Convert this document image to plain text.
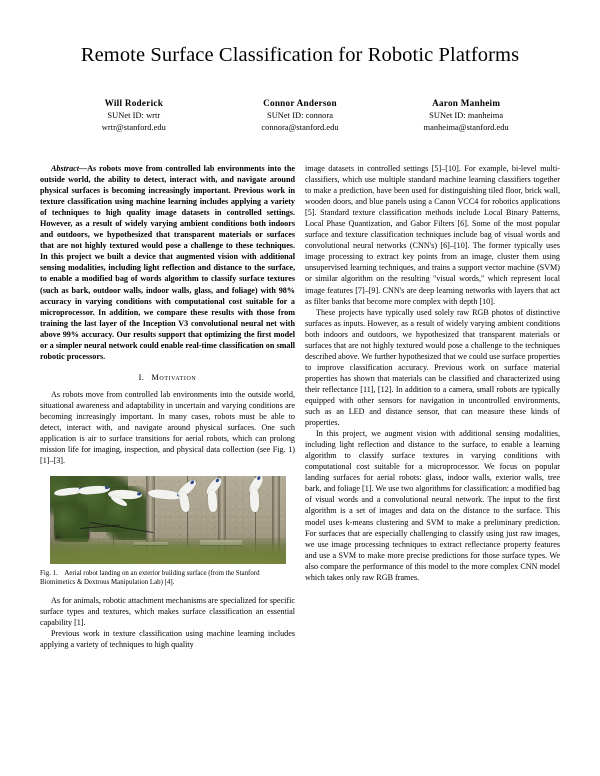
Remote Surface Classification for Robotic Platforms
Will Roderick
SUNet ID: wrtr
wrtr@stanford.edu
Connor Anderson
SUNet ID: connora
connora@stanford.edu
Aaron Manheim
SUNet ID: manheima
manheima@stanford.edu

Abstract—As robots move from controlled lab environments into the outside world, the ability to detect, interact with, and navigate around physical surfaces is becoming increasingly important. Previous work in texture classification using machine learning includes applying a variety of techniques to high quality image datasets in controlled settings. However, as a result of widely varying ambient conditions both indoors and outdoors, we hypothesized that transparent materials or surfaces that are not highly textured would pose a challenge to these techniques. In this project we built a device that augmented vision with additional sensing modalities, including light reflection and distance to the surface, to enable a modified bag of words algorithm to classify surface textures (such as bark, outdoor walls, indoor walls, glass, and foliage) with 98% accuracy in varying conditions with computational cost suitable for a microprocessor. In addition, we compare these results with those from training the last layer of the Inception V3 convolutional neural net with above 99% accuracy. Our results support that optimizing the first model or a simpler neural network could enable real-time classification on small robotic processors.

I. Motivation

As robots move from controlled lab environments into the outside world, situational awareness and adaptability in uncertain and varying conditions are becoming increasingly important. In many cases, robots must be able to detect, interact with, and navigate around physical surfaces. One such application is air to surface transitions for aerial robots, which can prolong mission life for imaging, inspection, and physical data collection (see Fig. 1) [1]–[3].

Fig. 1. Aerial robot landing on an exterior building surface (from the Stanford Biomimetics & Dextrous Manipulation Lab) [4].

As for animals, robotic attachment mechanisms are specialized for specific surface types and textures, which makes surface classification an essential capability [1].

Previous work in texture classification using machine learning includes applying a variety of techniques to high quality

image datasets in controlled settings [5]–[10]. For example, bi-level multi-classifiers, which use multiple standard machine learning classifiers together to make a prediction, have been used for distinguishing tiled floor, brick wall, wooden doors, and blue panels using a Canon VCC4 for robotics applications [5]. Standard texture classification methods include Local Binary Patterns, Local Phase Quantization, and Gabor Filters [6]. Some of the most popular surface and texture classification techniques include bag of visual words and convolutional neural networks (CNN's) [6]–[10]. The former typically uses image processing to extract key points from an image, cluster them using unsupervised learning techniques, and trains a support vector machine (SVM) or similar algorithm on the resulting "visual words," which represent local image features [7]–[9]. CNN's are deep learning networks with layers that act as filter banks that become more complex with depth [10].

These projects have typically used solely raw RGB photos of distinctive surfaces as inputs. However, as a result of widely varying ambient conditions both indoors and outdoors, we hypothesized that transparent materials or surfaces that are not highly textured would pose a challenge to the techniques described above. We further hypothesized that we could use surface properties to improve classification accuracy. Previous work on surface material properties has shown that materials can be classified and characterized using their reflectance [11], [12]. In addition to a camera, small robots are typically equipped with other sensors for navigation in uncontrolled environments, such as an LED and distance sensor, that can measure these kinds of properties.

In this project, we augment vision with additional sensing modalities, including light reflection and distance to the surface, to enable a learning algorithm to classify surface textures in varying conditions with computational cost suitable for a microprocessor. We focus on popular landing surfaces for aerial robots: glass, indoor walls, exterior walls, tree bark, and foliage [1]. We use two algorithms for classification: a modified bag of visual words and a convolutional neural network. The input to the first algorithm is a set of images and data on the distance to the surface. This model uses k-means clustering and SVM to make a preliminary prediction. For surfaces that are especially challenging to classify using just raw images, we use image processing techniques to extract reflectance property features and use a SVM to make more precise predictions for those surface types. We also compare the performance of this model to the more complex CNN model which takes only raw RGB frames.
